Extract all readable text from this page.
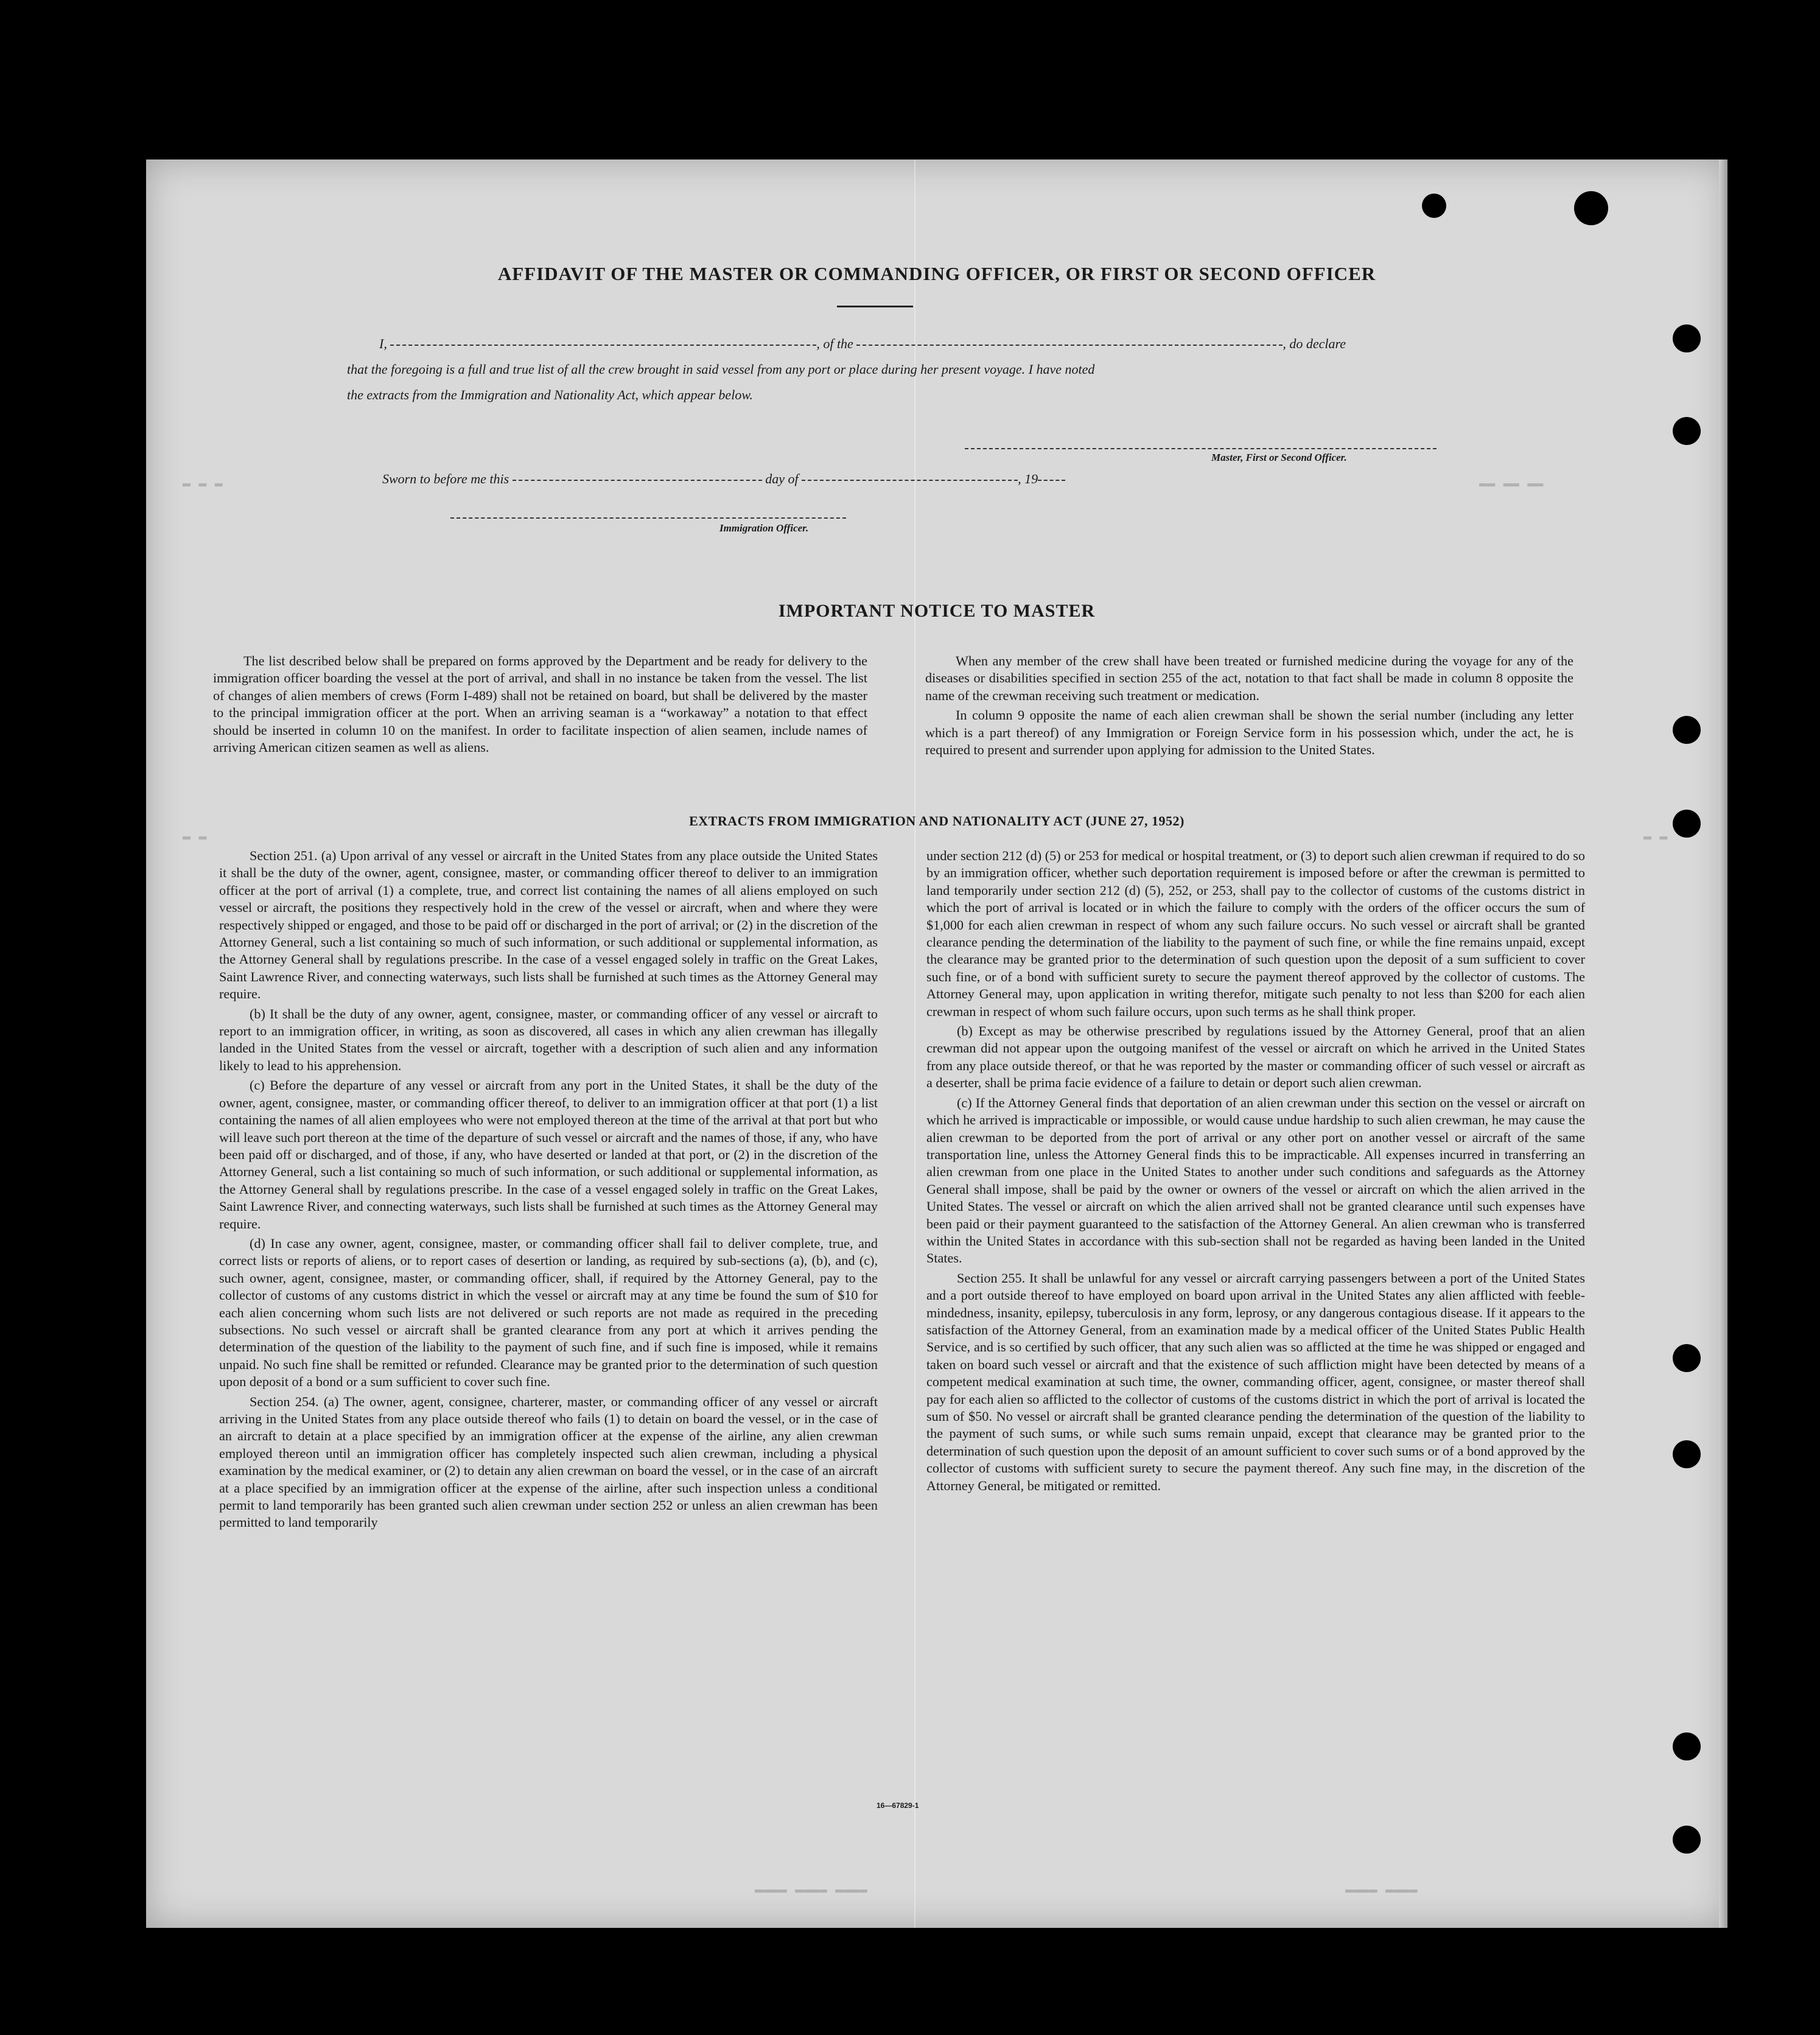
▬▬ ▬▬ ▬▬
▬ ▬ ▬
▬ ▬	▬ ▬
▬▬▬▬ ▬▬▬▬ ▬▬▬▬	▬▬▬▬ ▬▬▬▬
AFFIDAVIT OF THE MASTER OR COMMANDING OFFICER, OR FIRST OR SECOND OFFICER
I,	, of the	, do declare
that the foregoing is a full and true list of all the crew brought in said vessel from any port or place during her present voyage. I have noted
the extracts from the Immigration and Nationality Act, which appear below.
Master, First or Second Officer.
Sworn to before me this	day of	, 19
Immigration Officer.
IMPORTANT NOTICE TO MASTER

The list described below shall be prepared on forms approved by the Department and be ready for delivery to the immigration officer boarding the vessel at the port of arrival, and shall in no instance be taken from the vessel. The list of changes of alien members of crews (Form I-489) shall not be retained on board, but shall be delivered by the master to the principal immigration officer at the port. When an arriving seaman is a “workaway” a notation to that effect should be inserted in column 10 on the manifest. In order to facilitate inspection of alien seamen, include names of arriving American citizen seamen as well as aliens.

When any member of the crew shall have been treated or furnished medicine during the voyage for any of the diseases or disabilities specified in section 255 of the act, notation to that fact shall be made in column 8 opposite the name of the crewman receiving such treatment or medication.

In column 9 opposite the name of each alien crewman shall be shown the serial number (including any letter which is a part thereof) of any Immigration or Foreign Service form in his possession which, under the act, he is required to present and surrender upon applying for admission to the United States.

EXTRACTS FROM IMMIGRATION AND NATIONALITY ACT (JUNE 27, 1952)

Section 251. (a) Upon arrival of any vessel or aircraft in the United States from any place outside the United States it shall be the duty of the owner, agent, consignee, master, or commanding officer thereof to deliver to an immigration officer at the port of arrival (1) a complete, true, and correct list containing the names of all aliens employed on such vessel or aircraft, the positions they respectively hold in the crew of the vessel or aircraft, when and where they were respectively shipped or engaged, and those to be paid off or discharged in the port of arrival; or (2) in the discretion of the Attorney General, such a list containing so much of such information, or such additional or supplemental information, as the Attorney General shall by regulations prescribe. In the case of a vessel engaged solely in traffic on the Great Lakes, Saint Lawrence River, and connecting waterways, such lists shall be furnished at such times as the Attorney General may require.

(b) It shall be the duty of any owner, agent, consignee, master, or commanding officer of any vessel or aircraft to report to an immigration officer, in writing, as soon as discovered, all cases in which any alien crewman has illegally landed in the United States from the vessel or aircraft, together with a description of such alien and any information likely to lead to his apprehension.

(c) Before the departure of any vessel or aircraft from any port in the United States, it shall be the duty of the owner, agent, consignee, master, or commanding officer thereof, to deliver to an immigration officer at that port (1) a list containing the names of all alien employees who were not employed thereon at the time of the arrival at that port but who will leave such port thereon at the time of the departure of such vessel or aircraft and the names of those, if any, who have been paid off or discharged, and of those, if any, who have deserted or landed at that port, or (2) in the discretion of the Attorney General, such a list containing so much of such information, or such additional or supplemental information, as the Attorney General shall by regulations prescribe. In the case of a vessel engaged solely in traffic on the Great Lakes, Saint Lawrence River, and connecting waterways, such lists shall be furnished at such times as the Attorney General may require.

(d) In case any owner, agent, consignee, master, or commanding officer shall fail to deliver complete, true, and correct lists or reports of aliens, or to report cases of desertion or landing, as required by sub-sections (a), (b), and (c), such owner, agent, consignee, master, or commanding officer, shall, if required by the Attorney General, pay to the collector of customs of any customs district in which the vessel or aircraft may at any time be found the sum of $10 for each alien concerning whom such lists are not delivered or such reports are not made as required in the preceding subsections. No such vessel or aircraft shall be granted clearance from any port at which it arrives pending the determination of the question of the liability to the payment of such fine, and if such fine is imposed, while it remains unpaid. No such fine shall be remitted or refunded. Clearance may be granted prior to the determination of such question upon deposit of a bond or a sum sufficient to cover such fine.

Section 254. (a) The owner, agent, consignee, charterer, master, or commanding officer of any vessel or aircraft arriving in the United States from any place outside thereof who fails (1) to detain on board the vessel, or in the case of an aircraft to detain at a place specified by an immigration officer at the expense of the airline, any alien crewman employed thereon until an immigration officer has completely inspected such alien crewman, including a physical examination by the medical examiner, or (2) to detain any alien crewman on board the vessel, or in the case of an aircraft at a place specified by an immigration officer at the expense of the airline, after such inspection unless a conditional permit to land temporarily has been granted such alien crewman under section 252 or unless an alien crewman has been permitted to land temporarily

under section 212 (d) (5) or 253 for medical or hospital treatment, or (3) to deport such alien crewman if required to do so by an immigration officer, whether such deportation requirement is imposed before or after the crewman is permitted to land temporarily under section 212 (d) (5), 252, or 253, shall pay to the collector of customs of the customs district in which the port of arrival is located or in which the failure to comply with the orders of the officer occurs the sum of $1,000 for each alien crewman in respect of whom any such failure occurs. No such vessel or aircraft shall be granted clearance pending the determination of the liability to the payment of such fine, or while the fine remains unpaid, except the clearance may be granted prior to the determination of such question upon the deposit of a sum sufficient to cover such fine, or of a bond with sufficient surety to secure the payment thereof approved by the collector of customs. The Attorney General may, upon application in writing therefor, mitigate such penalty to not less than $200 for each alien crewman in respect of whom such failure occurs, upon such terms as he shall think proper.

(b) Except as may be otherwise prescribed by regulations issued by the Attorney General, proof that an alien crewman did not appear upon the outgoing manifest of the vessel or aircraft on which he arrived in the United States from any place outside thereof, or that he was reported by the master or commanding officer of such vessel or aircraft as a deserter, shall be prima facie evidence of a failure to detain or deport such alien crewman.

(c) If the Attorney General finds that deportation of an alien crewman under this section on the vessel or aircraft on which he arrived is impracticable or impossible, or would cause undue hardship to such alien crewman, he may cause the alien crewman to be deported from the port of arrival or any other port on another vessel or aircraft of the same transportation line, unless the Attorney General finds this to be impracticable. All expenses incurred in transferring an alien crewman from one place in the United States to another under such conditions and safeguards as the Attorney General shall impose, shall be paid by the owner or owners of the vessel or aircraft on which the alien arrived in the United States. The vessel or aircraft on which the alien arrived shall not be granted clearance until such expenses have been paid or their payment guaranteed to the satisfaction of the Attorney General. An alien crewman who is transferred within the United States in accordance with this sub-section shall not be regarded as having been landed in the United States.

Section 255. It shall be unlawful for any vessel or aircraft carrying passengers between a port of the United States and a port outside thereof to have employed on board upon arrival in the United States any alien afflicted with feeble-mindedness, insanity, epilepsy, tuberculosis in any form, leprosy, or any dangerous contagious disease. If it appears to the satisfaction of the Attorney General, from an examination made by a medical officer of the United States Public Health Service, and is so certified by such officer, that any such alien was so afflicted at the time he was shipped or engaged and taken on board such vessel or aircraft and that the existence of such affliction might have been detected by means of a competent medical examination at such time, the owner, commanding officer, agent, consignee, or master thereof shall pay for each alien so afflicted to the collector of customs of the customs district in which the port of arrival is located the sum of $50. No vessel or aircraft shall be granted clearance pending the determination of the question of the liability to the payment of such sums, or while such sums remain unpaid, except that clearance may be granted prior to the determination of such question upon the deposit of an amount sufficient to cover such sums or of a bond approved by the collector of customs with sufficient surety to secure the payment thereof. Any such fine may, in the discretion of the Attorney General, be mitigated or remitted.

16—67829-1
